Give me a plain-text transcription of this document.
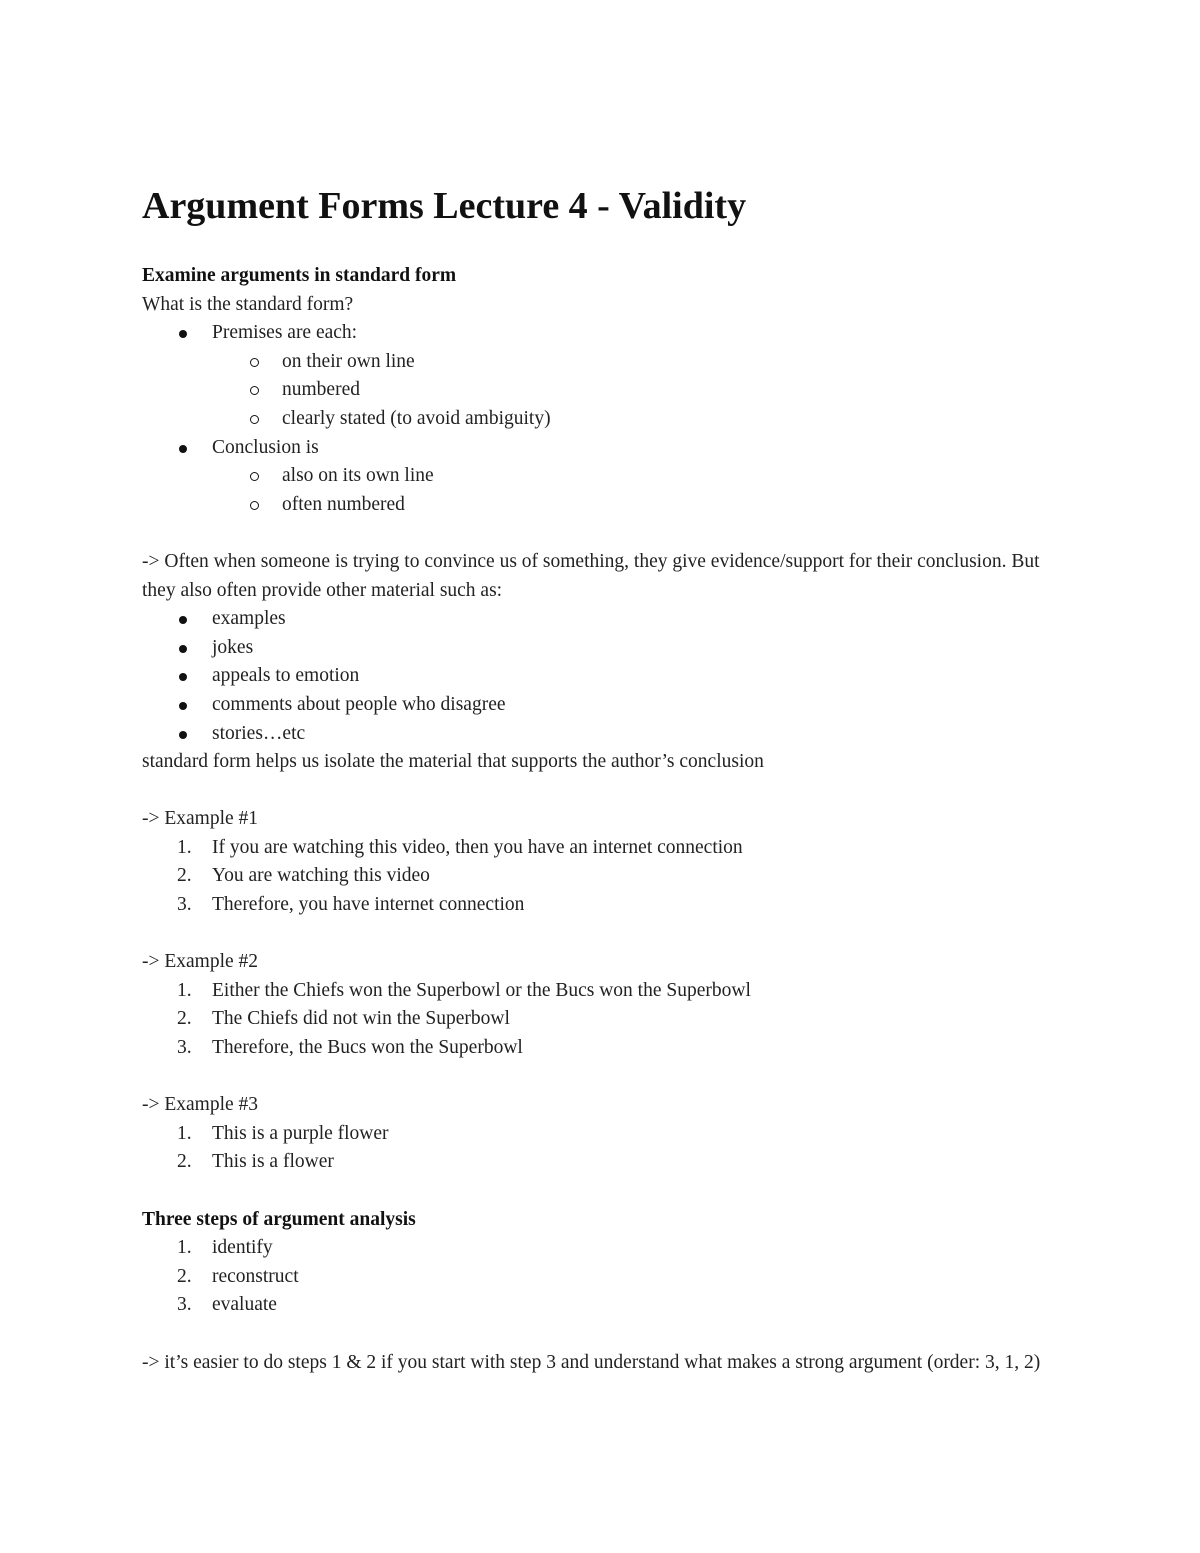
Argument Forms Lecture 4 - Validity
Examine arguments in standard form
What is the standard form?
Premises are each:
on their own line
numbered
clearly stated (to avoid ambiguity)
Conclusion is
also on its own line
often numbered
-> Often when someone is trying to convince us of something, they give evidence/support for their conclusion. But they also often provide other material such as:
examples
jokes
appeals to emotion
comments about people who disagree
stories…etc
standard form helps us isolate the material that supports the author’s conclusion
-> Example #1
1. If you are watching this video, then you have an internet connection
2. You are watching this video
3. Therefore, you have internet connection
-> Example #2
1. Either the Chiefs won the Superbowl or the Bucs won the Superbowl
2. The Chiefs did not win the Superbowl
3. Therefore, the Bucs won the Superbowl
-> Example #3
1. This is a purple flower
2. This is a flower
Three steps of argument analysis
1. identify
2. reconstruct
3. evaluate
-> it’s easier to do steps 1 & 2 if you start with step 3 and understand what makes a strong argument (order: 3, 1, 2)
